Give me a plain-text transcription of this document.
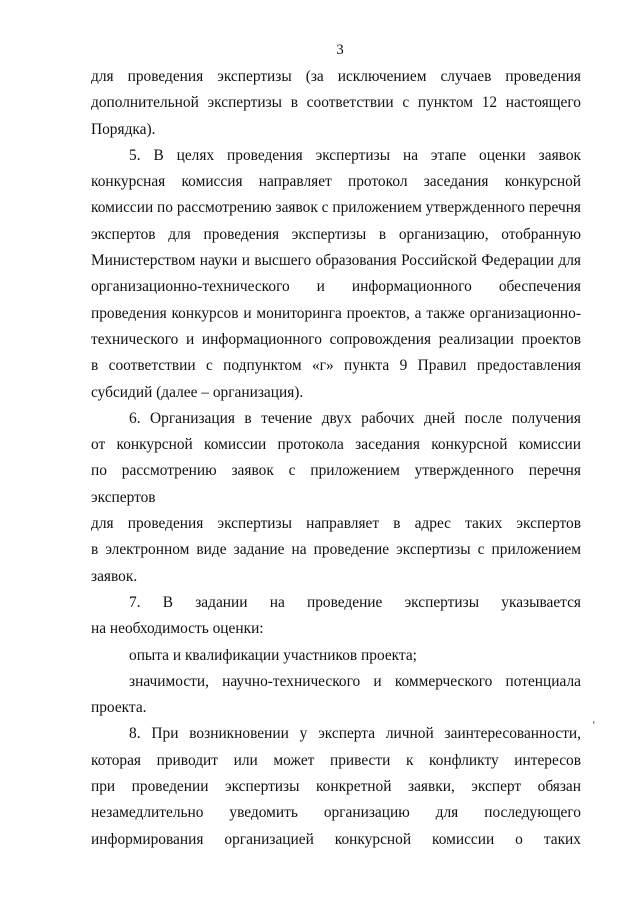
3
для проведения экспертизы (за исключением случаев проведения
дополнительной экспертизы в соответствии с пунктом 12 настоящего
Порядка).
5. В целях проведения экспертизы на этапе оценки заявок
конкурсная комиссия направляет протокол заседания конкурсной
комиссии по рассмотрению заявок с приложением утвержденного перечня
экспертов для проведения экспертизы в организацию, отобранную
Министерством науки и высшего образования Российской Федерации для
организационно-технического и информационного обеспечения
проведения конкурсов и мониторинга проектов, а также организационно-
технического и информационного сопровождения реализации проектов
в соответствии с подпунктом «г» пункта 9 Правил предоставления
субсидий (далее – организация).
6. Организация в течение двух рабочих дней после получения
от конкурсной комиссии протокола заседания конкурсной комиссии
по рассмотрению заявок с приложением утвержденного перечня экспертов
для проведения экспертизы направляет в адрес таких экспертов
в электронном виде задание на проведение экспертизы с приложением
заявок.
7. В задании на проведение экспертизы указывается
на необходимость оценки:
опыта и квалификации участников проекта;
значимости, научно-технического и коммерческого потенциала
проекта.
8. При возникновении у эксперта личной заинтересованности,
которая приводит или может привести к конфликту интересов
при проведении экспертизы конкретной заявки, эксперт обязан
незамедлительно уведомить организацию для последующего
информирования организацией конкурсной комиссии о таких
‘
